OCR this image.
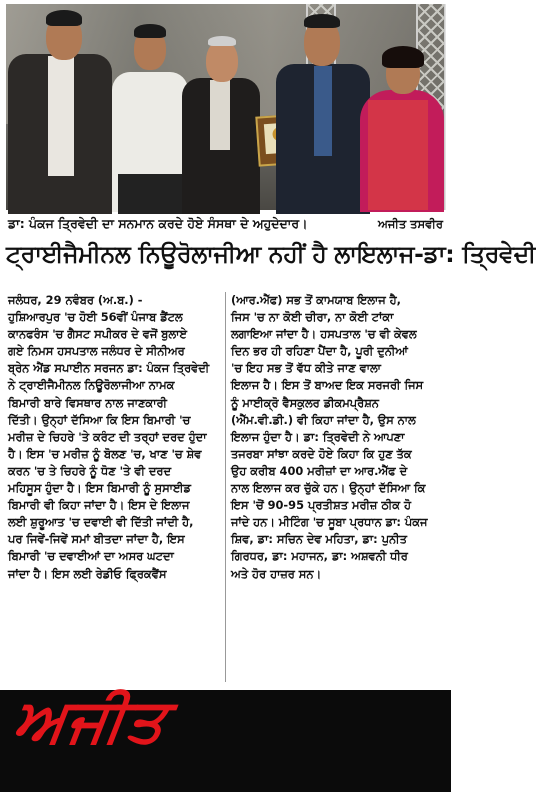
ਡਾ: ਪੰਕਜ ਤ੍ਰਿਵੇਦੀ ਦਾ ਸਨਮਾਨ ਕਰਦੇ ਹੋਏ ਸੰਸਥਾ ਦੇ ਅਹੁਦੇਦਾਰ।	ਅਜੀਤ ਤਸਵੀਰ
ਟ੍ਰਾਈਜੈਮੀਨਲ ਨਿਊਰੋਲਾਜੀਆ ਨਹੀਂ ਹੈ ਲਾਇਲਾਜ-ਡਾ: ਤ੍ਰਿਵੇਦੀ
ਜਲੰਧਰ, 29 ਨਵੰਬਰ (ਅ.ਬ.) -
ਹੁਸ਼ਿਆਰਪੁਰ 'ਚ ਹੋਈ 56ਵੀਂ ਪੰਜਾਬ ਡੈਂਟਲ
ਕਾਨਫਰੰਸ 'ਚ ਗੈਸਟ ਸਪੀਕਰ ਦੇ ਵਜੋਂ ਬੁਲਾਏ
ਗਏ ਨਿਮਸ ਹਸਪਤਾਲ ਜਲੰਧਰ ਦੇ ਸੀਨੀਅਰ
ਬ੍ਰੇਨ ਐਂਡ ਸਪਾਈਨ ਸਰਜਨ ਡਾ: ਪੰਕਜ ਤ੍ਰਿਵੇਦੀ
ਨੇ ਟ੍ਰਾਈਜੈਮੀਨਲ ਨਿਊਰੋਲਾਜੀਆ ਨਾਮਕ
ਬਿਮਾਰੀ ਬਾਰੇ ਵਿਸਥਾਰ ਨਾਲ ਜਾਣਕਾਰੀ
ਦਿੱਤੀ। ਉਨ੍ਹਾਂ ਦੱਸਿਆ ਕਿ ਇਸ ਬਿਮਾਰੀ 'ਚ
ਮਰੀਜ਼ ਦੇ ਚਿਹਰੇ 'ਤੇ ਕਰੰਟ ਦੀ ਤਰ੍ਹਾਂ ਦਰਦ ਹੁੰਦਾ
ਹੈ। ਇਸ 'ਚ ਮਰੀਜ਼ ਨੂੰ ਬੋਲਣ 'ਚ, ਖਾਣ 'ਚ ਸ਼ੇਵ
ਕਰਨ 'ਚ ਤੇ ਚਿਹਰੇ ਨੂੰ ਧੋਣ 'ਤੇ ਵੀ ਦਰਦ
ਮਹਿਸੂਸ ਹੁੰਦਾ ਹੈ। ਇਸ ਬਿਮਾਰੀ ਨੂੰ ਸੁਸਾਈਡ
ਬਿਮਾਰੀ ਵੀ ਕਿਹਾ ਜਾਂਦਾ ਹੈ। ਇਸ ਦੇ ਇਲਾਜ
ਲਈ ਸ਼ੁਰੂਆਤ 'ਚ ਦਵਾਈ ਵੀ ਦਿੱਤੀ ਜਾਂਦੀ ਹੈ,
ਪਰ ਜਿਵੇਂ-ਜਿਵੇਂ ਸਮਾਂ ਬੀਤਦਾ ਜਾਂਦਾ ਹੈ, ਇਸ
ਬਿਮਾਰੀ 'ਚ ਦਵਾਈਆਂ ਦਾ ਅਸਰ ਘਟਦਾ
ਜਾਂਦਾ ਹੈ। ਇਸ ਲਈ ਰੇਡੀਓ ਫ੍ਰਿਕਵੈਂਸ
(ਆਰ.ਐੱਫ) ਸਭ ਤੋਂ ਕਾਮਯਾਬ ਇਲਾਜ ਹੈ,
ਜਿਸ 'ਚ ਨਾ ਕੋਈ ਚੀਰਾ, ਨਾ ਕੋਈ ਟਾਂਕਾ
ਲਗਾਇਆ ਜਾਂਦਾ ਹੈ। ਹਸਪਤਾਲ 'ਚ ਵੀ ਕੇਵਲ
ਦਿਨ ਭਰ ਹੀ ਰਹਿਣਾ ਪੈਂਦਾ ਹੈ, ਪੂਰੀ ਦੁਨੀਆਂ
'ਚ ਇਹ ਸਭ ਤੋਂ ਵੱਧ ਕੀਤੇ ਜਾਣ ਵਾਲਾ
ਇਲਾਜ ਹੈ। ਇਸ ਤੋਂ ਬਾਅਦ ਇਕ ਸਰਜਰੀ ਜਿਸ
ਨੂੰ ਮਾਈਕ੍ਰੋ ਵੈਸਕੁਲਰ ਡੀਕਮਪ੍ਰੈਸ਼ਨ
(ਐੱਮ.ਵੀ.ਡੀ.) ਵੀ ਕਿਹਾ ਜਾਂਦਾ ਹੈ, ਉਸ ਨਾਲ
ਇਲਾਜ ਹੁੰਦਾ ਹੈ। ਡਾ: ਤ੍ਰਿਵੇਦੀ ਨੇ ਆਪਣਾ
ਤਜਰਬਾ ਸਾਂਝਾ ਕਰਦੇ ਹੋਏ ਕਿਹਾ ਕਿ ਹੁਣ ਤੱਕ
ਉਹ ਕਰੀਬ 400 ਮਰੀਜ਼ਾਂ ਦਾ ਆਰ.ਐੱਫ ਦੇ
ਨਾਲ ਇਲਾਜ ਕਰ ਚੁੱਕੇ ਹਨ। ਉਨ੍ਹਾਂ ਦੱਸਿਆ ਕਿ
ਇਸ 'ਚੋਂ 90-95 ਪ੍ਰਤੀਸ਼ਤ ਮਰੀਜ਼ ਠੀਕ ਹੋ
ਜਾਂਦੇ ਹਨ। ਮੀਟਿੰਗ 'ਚ ਸੂਬਾ ਪ੍ਰਧਾਨ ਡਾ: ਪੰਕਜ
ਸ਼ਿਵ, ਡਾ: ਸਚਿਨ ਦੇਵ ਮਹਿਤਾ, ਡਾ: ਪੁਨੀਤ
ਗਿਰਧਰ, ਡਾ: ਮਹਾਜਨ, ਡਾ: ਅਸ਼ਵਨੀ ਧੀਰ
ਅਤੇ ਹੋਰ ਹਾਜ਼ਰ ਸਨ।
ਅਜੀਤ
